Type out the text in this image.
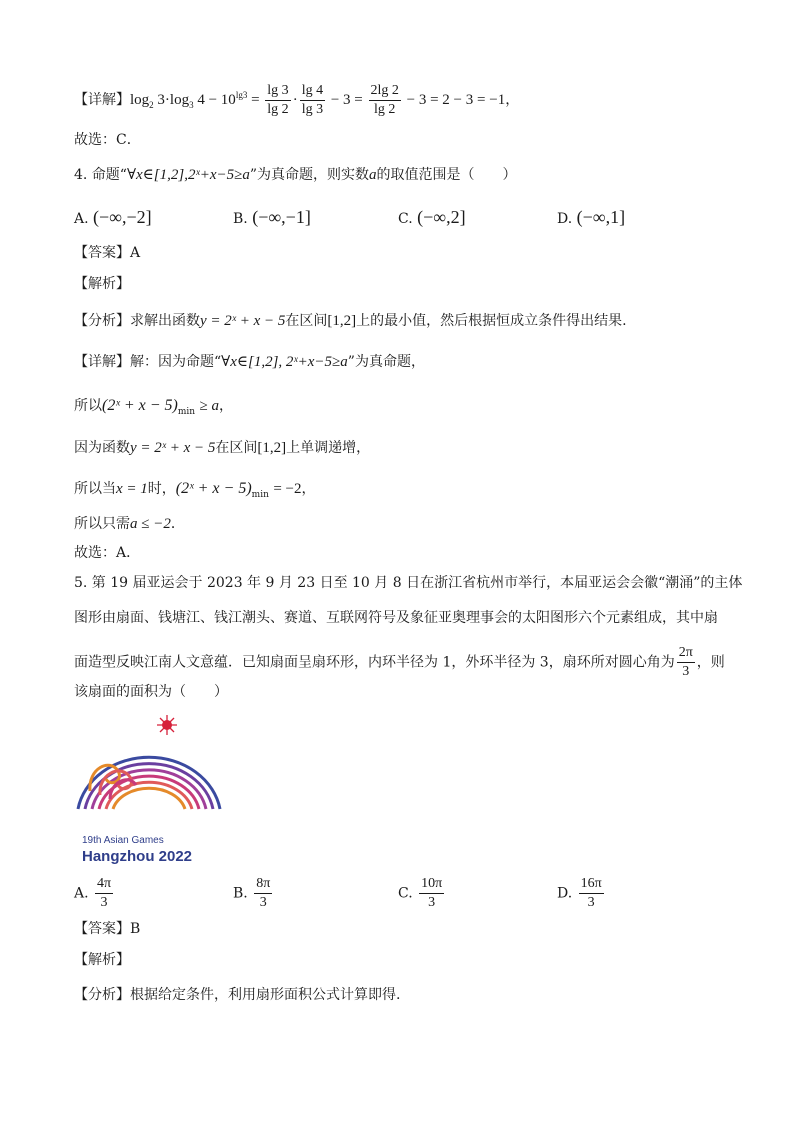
【详解】$\log_2 3\cdot\log_3$ $4 - 10^{lg3} = \frac{\lg 3}{\lg 2} \cdot \frac{\lg 4}{\lg 3} - 3 = \frac{2\lg 2}{\lg 2} - 3 = 2 - 3 = -1$，
故选：C．
4. 命题“∀x∈[1,2],2ˣ+x−5≥a”为真命题，则实数a的取值范围是（　　）
A. (−∞,−2]	B. (−∞,−1]	C. (−∞,2]	D. (−∞,1]
【答案】A
【解析】
【分析】求解出函数y = 2ˣ + x − 5在区间[1,2]上的最小值，然后根据恒成立条件得出结果.
【详解】解：因为命题“∀x∈[1,2], 2ˣ+x−5≥a”为真命题，
所以(2ˣ + $x - 5)_{min} \ge a$，
因为函数y = 2ˣ + x − 5在区间[1,2]上单调递增，
所以当x = 1时，(2ˣ + $x - 5)_{min} = -2$，
所以只需a ≤ −2．
故选：A．
5. 第 19 届亚运会于 2023 年 9 月 23 日至 10 月 8 日在浙江省杭州市举行，本届亚运会会徽“潮涌”的主体
图形由扇面、钱塘江、钱江潮头、赛道、互联网符号及象征亚奥理事会的太阳图形六个元素组成，其中扇
面造型反映江南人文意蕴．已知扇面呈扇环形，内环半径为 1，外环半径为 3，扇环所对圆心角为 $\frac{2\pi}{3}$ ，则
该扇面的面积为（　　）
19th Asian Games
Hangzhou 2022
A. $\frac{4\pi}{3}$	B. $\frac{8\pi}{3}$	C. $\frac{10\pi}{3}$	D. $\frac{16\pi}{3}$
【答案】B
【解析】
【分析】根据给定条件，利用扇形面积公式计算即得.
